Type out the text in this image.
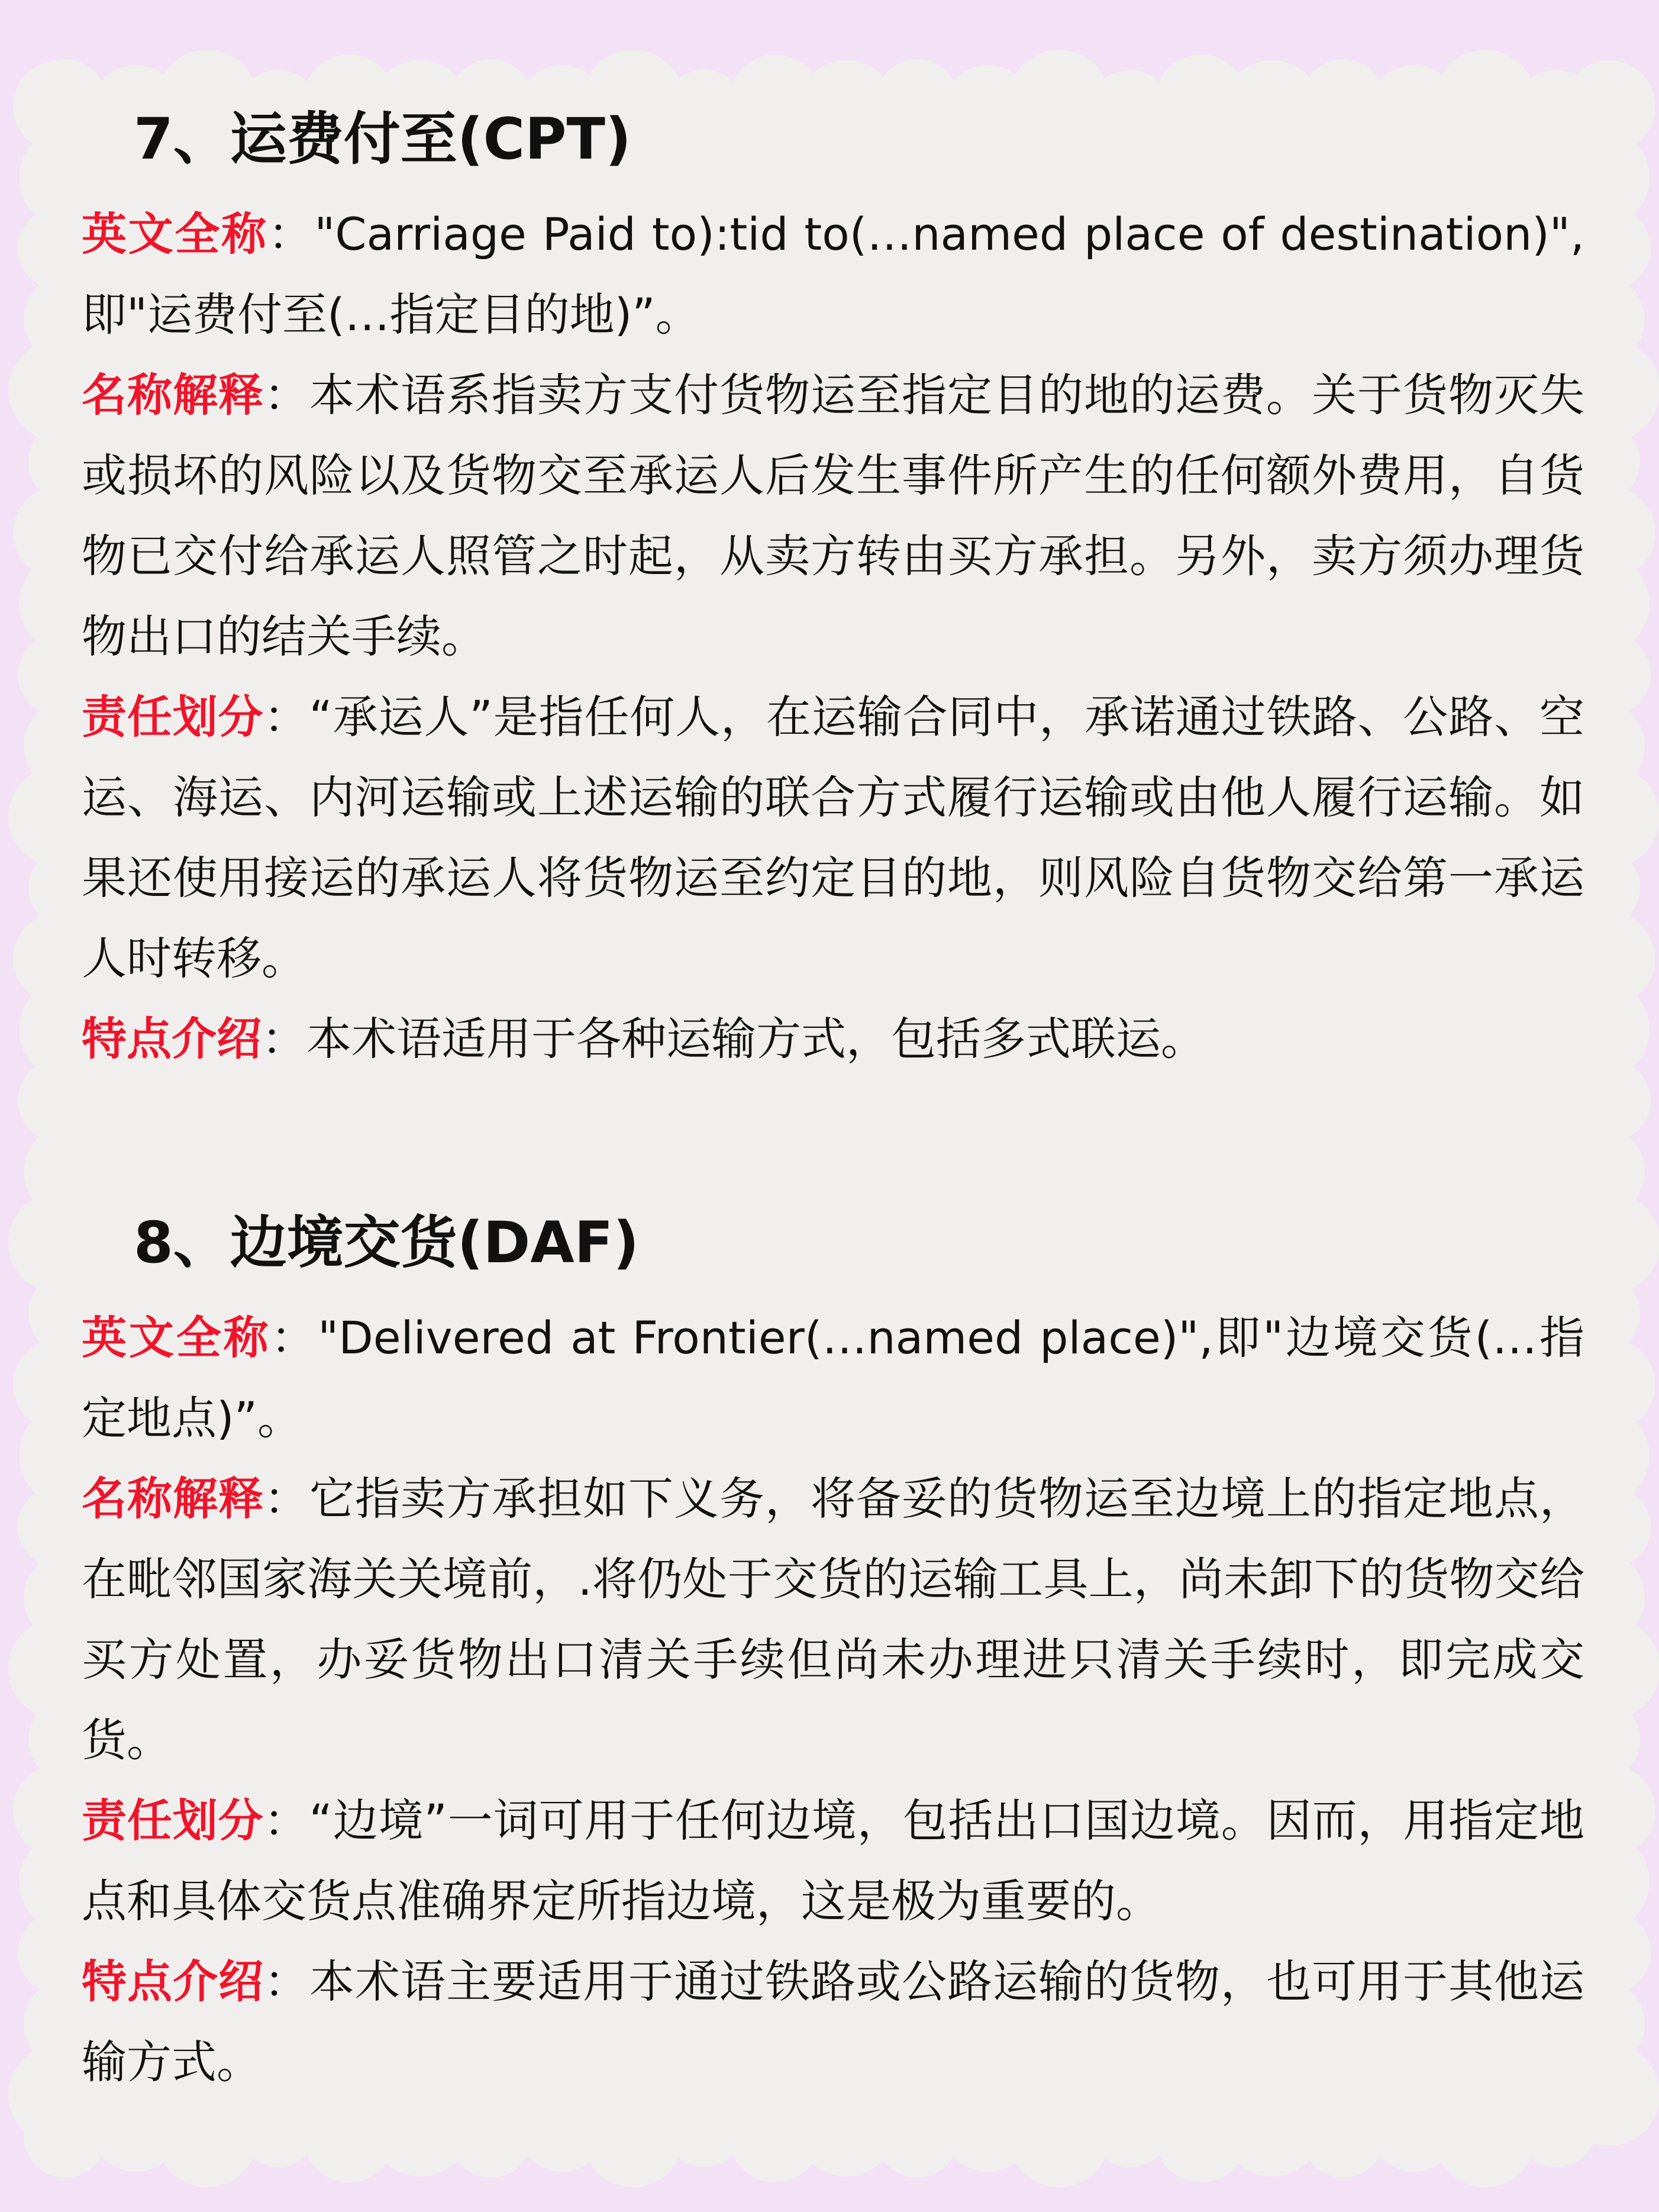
7、运费付至(CPT)

英文全称："Carriage Paid to):tid to(…named place of destination)",即"运费付至(…指定目的地)”。

名称解释：本术语系指卖方支付货物运至指定目的地的运费。关于货物灭失或损坏的风险以及货物交至承运人后发生事件所产生的任何额外费用，自货物已交付给承运人照管之时起，从卖方转由买方承担。另外，卖方须办理货物出口的结关手续。

责任划分：“承运人”是指任何人，在运输合同中，承诺通过铁路、公路、空运、海运、内河运输或上述运输的联合方式履行运输或由他人履行运输。如果还使用接运的承运人将货物运至约定目的地，则风险自货物交给第一承运人时转移。

特点介绍：本术语适用于各种运输方式，包括多式联运。

8、边境交货(DAF)

英文全称："Delivered at Frontier(…named place)",即"边境交货(…指定地点)”。

名称解释：它指卖方承担如下义务，将备妥的货物运至边境上的指定地点，在毗邻国家海关关境前，.将仍处于交货的运输工具上，尚未卸下的货物交给买方处置，办妥货物出口清关手续但尚未办理进只清关手续时，即完成交货。

责任划分：“边境”一词可用于任何边境，包括出口国边境。因而，用指定地点和具体交货点准确界定所指边境，这是极为重要的。

特点介绍：本术语主要适用于通过铁路或公路运输的货物，也可用于其他运输方式。
